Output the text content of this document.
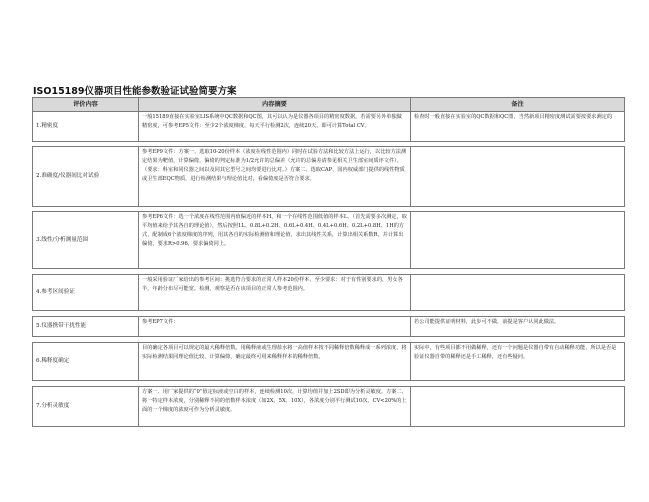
ISO15189仪器项目性能参数验证试验简要方案
评价内容	内容摘要	备注
1.精密度	一般15189直接在实验室LIS系统中QC数据和QC图，其可以认为是仪器各项目的精密度数据。若需要另外单独做精密度，可参考EP5文件：至少2个浓度梯度，每天平行检测2次，连续20天，即可计算Total CV。	检查时一般直接在实验室的QC数据和QC图，当然新项目精密度测试需要按要求测定的

2.准确度/仪器间比对试验	参考EP9文件：方案一、选取10-20份样本（浓度在线性范围内）同时在试验方法和比较方法上运行，以比较方法测定结果为靶值，计算偏倚，偏倚的判定标准为1/2允许的总偏差（允许的总偏差请参见相关卫生部室间质评文件）。（要求：科室和同仪器之间以及同其它型号之间均要进行比对。）方案二、选取CAP、国内权威部门提供的线性物质或卫生部EQC物质，进行检测结果与理论值比对，看偏倚度是否符合要求。	

3.线性/分析测量范围	参考EP6文件：选一个浓度在线性范围内值偏近的样本H，和一个在线性范围低值的样本L，（首先需要多次测定，取平均值来给予其各自的理论值），然后按照1L、0.8L+0.2H、0.6L+0.4H、0.4L+0.6H、0.2L+0.8H、1H的方式，配制成6个浓度梯度的序列，用其各自的实际检测值和理论值，求出其线性关系，计算出相关系数R，并计算出偏倚，要求R>0.96，要求偏倚同上。	

4.参考区间验证	一般采用验证厂家给出的参考区间：挑选符合要求的正常人样本20份样本，至少要求：对于有性别要求的，男女各半，年龄分布尽可能宽。检测，观察是否在该项目的正常人参考范围内。	

5.仪器携带干扰性能	参考EP7文件：	若公司能提供证明材料，此步可不做，前提是客户认同此做法。

6.稀释度确定	目的确定各项目可以规定的最大稀释倍数。用稀释液或生理盐水将一高值样本按不同稀释倍数稀释成一系列浓度，将实际检测结果同理论值比较，计算偏倚，确定最终可用来稀释样本的稀释倍数。	实际中，有些项目都不用做稀释，还有一个问题是仪器自带有自动稀释功能，所以是否是验证仪器自带的稀释还是手工稀释，还有些疑问。

7.分析灵敏度	方案一、用厂家提供的“0”值定标液或空白的样本，连续检测10次，计算均值并加上2SD即为分析灵敏度。方案二、将一特定样本浓度，分别稀释不同的倍数样本浓度（如2X、5X、10X），各浓度分别平行测试10次，CV<20%的上面的一个梯度的浓度可作为分析灵敏度。	
